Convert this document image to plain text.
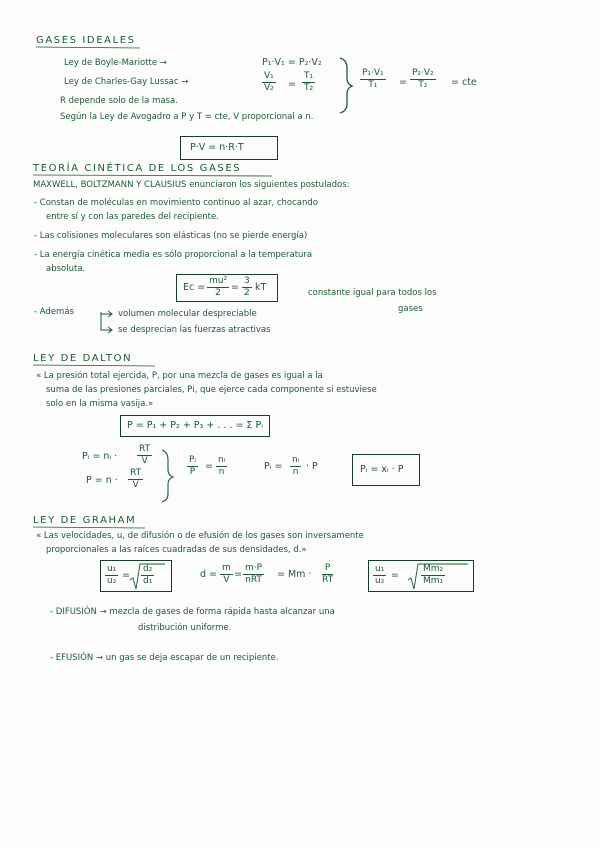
GASES IDEALES
Ley de Boyle-Mariotte →	P₁·V₁ = P₂·V₂
Ley de Charles-Gay Lussac →	$\frac{\text{V₁}}{\text{V₂}} = \frac{\text{T₁}}{\text{T₂}}$	$\frac{\text{P₁·V₁}}{\text{T₁}} = \frac{\text{P₂·V₂}}{\text{T₂}}$ = cte
R depende solo de la masa.
Según la Ley de Avogadro a P y T = cte, V proporcional a n.
P·V = n·R·T
TEORÍA CINÉTICA DE LOS GASES
MAXWELL, BOLTZMANN Y CLAUSIUS enunciaron los siguientes postulados:
- Constan de moléculas en movimiento continuo al azar, chocando
entre sí y con las paredes del recipiente.
- Las colisiones moleculares son elásticas (no se pierde energía)
- La energía cinética media es sólo proporcional a la temperatura
absoluta.
$Ec = \frac{\text{mu²}}{2} = \frac{3}{2}$ kT	constante igual para todos los
gases
- Además	volumen molecular despreciable
se desprecian las fuerzas atractivas
LEY DE DALTON
« La presión total ejercida, P, por una mezcla de gases es igual a la
suma de las presiones parciales, Pi, que ejerce cada componente si estuviese
solo en la misma vasija.»
P = P₁ + P₂ + P₃ + . . . = Σ Pᵢ
Pᵢ = nᵢ · $\frac{RT}{V}$
$P = n \cdot \frac{RT}{V}$
$\frac{\text{Pᵢ}}{P} = \frac{\text{nᵢ}}{n}$	Pᵢ = $\frac{\text{nᵢ}}{n} \cdot P$	Pᵢ = xᵢ · P
LEY DE GRAHAM
« Las velocidades, u, de difusión o de efusión de los gases son inversamente
proporcionales a las raíces cuadradas de sus densidades, d.»
$\frac{\text{u₁}}{\text{u₂}} = \frac{\text{d₂}}{\text{d₁}}$	$d = \frac{m}{V}$ =
m·P
nRT = $Mm \cdot \frac{P}{RT}$	$\frac{\text{u₁}}{\text{u₂}} = \frac{\text{Mm₂}}{\text{Mm₁}}$
- DIFUSIÓN → mezcla de gases de forma rápida hasta alcanzar una
distribución uniforme.
- EFUSIÓN → un gas se deja escapar de un recipiente.
